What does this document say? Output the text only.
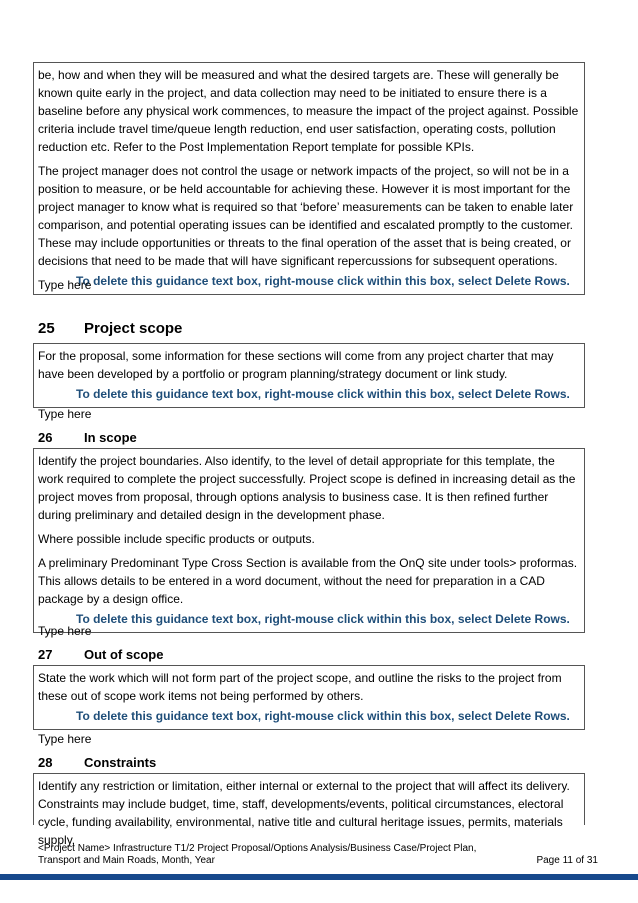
be, how and when they will be measured and what the desired targets are. These will generally be known quite early in the project, and data collection may need to be initiated to ensure there is a baseline before any physical work commences, to measure the impact of the project against. Possible criteria include travel time/queue length reduction, end user satisfaction, operating costs, pollution reduction etc. Refer to the Post Implementation Report template for possible KPIs.

The project manager does not control the usage or network impacts of the project, so will not be in a position to measure, or be held accountable for achieving these. However it is most important for the project manager to know what is required so that ‘before’ measurements can be taken to enable later comparison, and potential operating issues can be identified and escalated promptly to the customer. These may include opportunities or threats to the final operation of the asset that is being created, or decisions that need to be made that will have significant repercussions for subsequent operations.

To delete this guidance text box, right-mouse click within this box, select Delete Rows.

Type here
25	Project scope

For the proposal, some information for these sections will come from any project charter that may have been developed by a portfolio or program planning/strategy document or link study.

To delete this guidance text box, right-mouse click within this box, select Delete Rows.

Type here
26	In scope

Identify the project boundaries. Also identify, to the level of detail appropriate for this template, the work required to complete the project successfully. Project scope is defined in increasing detail as the project moves from proposal, through options analysis to business case. It is then refined further during preliminary and detailed design in the development phase.

Where possible include specific products or outputs.

A preliminary Predominant Type Cross Section is available from the OnQ site under tools> proformas. This allows details to be entered in a word document, without the need for preparation in a CAD package by a design office.

To delete this guidance text box, right-mouse click within this box, select Delete Rows.

Type here
27	Out of scope

State the work which will not form part of the project scope, and outline the risks to the project from these out of scope work items not being performed by others.

To delete this guidance text box, right-mouse click within this box, select Delete Rows.

Type here
28	Constraints

Identify any restriction or limitation, either internal or external to the project that will affect its delivery. Constraints may include budget, time, staff, developments/events, political circumstances, electoral cycle, funding availability, environmental, native title and cultural heritage issues, permits, materials supply,

<Project Name> Infrastructure T1/2 Project Proposal/Options Analysis/Business Case/Project Plan,
Transport and Main Roads, Month, Year	Page 11 of 31
